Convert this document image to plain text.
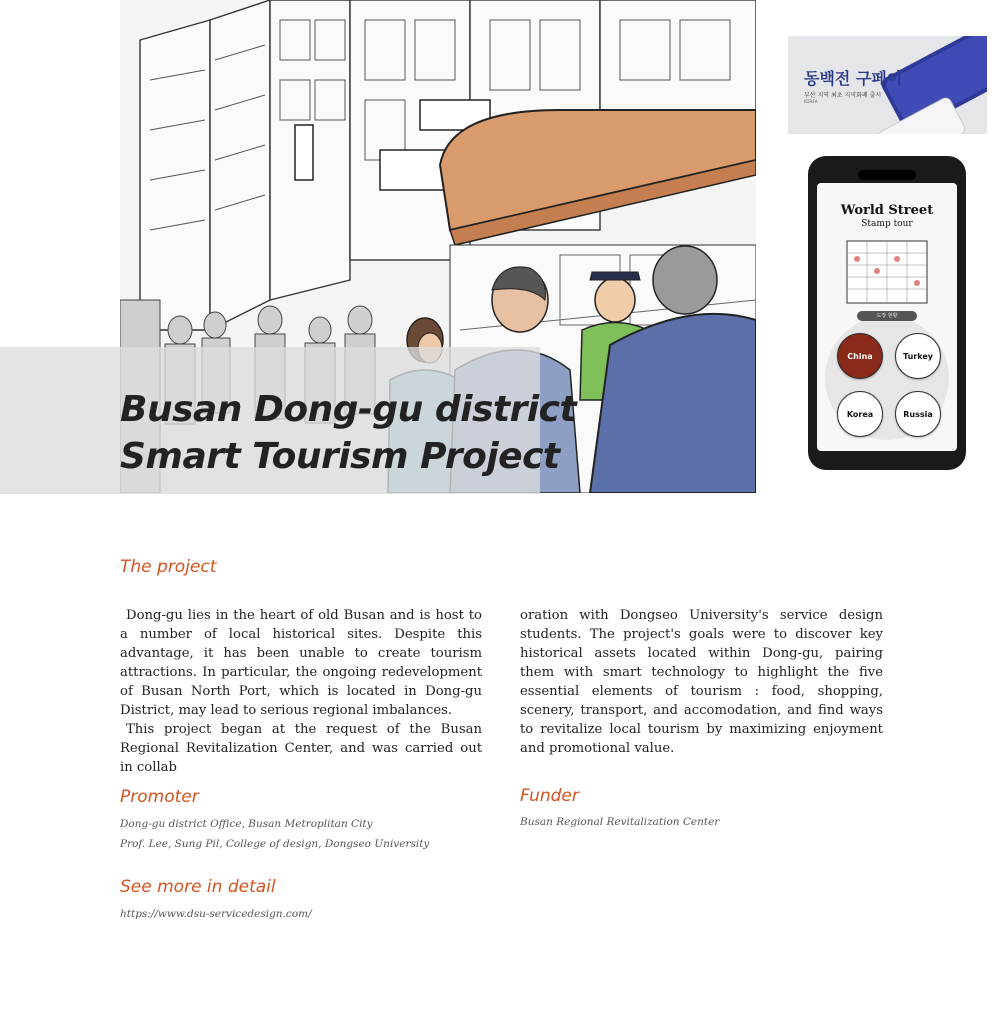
Busan Dong-gu district
Smart Tourism Project
동백전 구페이
부산 지역 최초 지역화폐 출시
KOREA
World Street
Stamp tour
도장 현황
China	Turkey
Korea	Russia
The project

Dong-gu lies in the heart of old Busan and is host to a number of local historical sites. Despite this advantage, it has been unable to create tourism attractions. In particular, the ongoing redevelopment of Busan North Port, which is located in Dong-gu District, may lead to serious regional imbalances.

This project began at the request of the Busan Regional Revitalization Center, and was carried out in collab

oration with Dongseo University's service design students. The project's goals were to discover key historical assets located within Dong-gu, pairing them with smart technology to highlight the five essential elements of tourism : food, shopping, scenery, transport, and accomodation, and find ways to revitalize local tourism by maximizing enjoyment and promotional value.

Promoter

Dong-gu district Office, Busan Metroplitan City

Prof. Lee, Sung Pil, College of design, Dongseo University

Funder

Busan Regional Revitalization Center

See more in detail
https://www.dsu-servicedesign.com/
